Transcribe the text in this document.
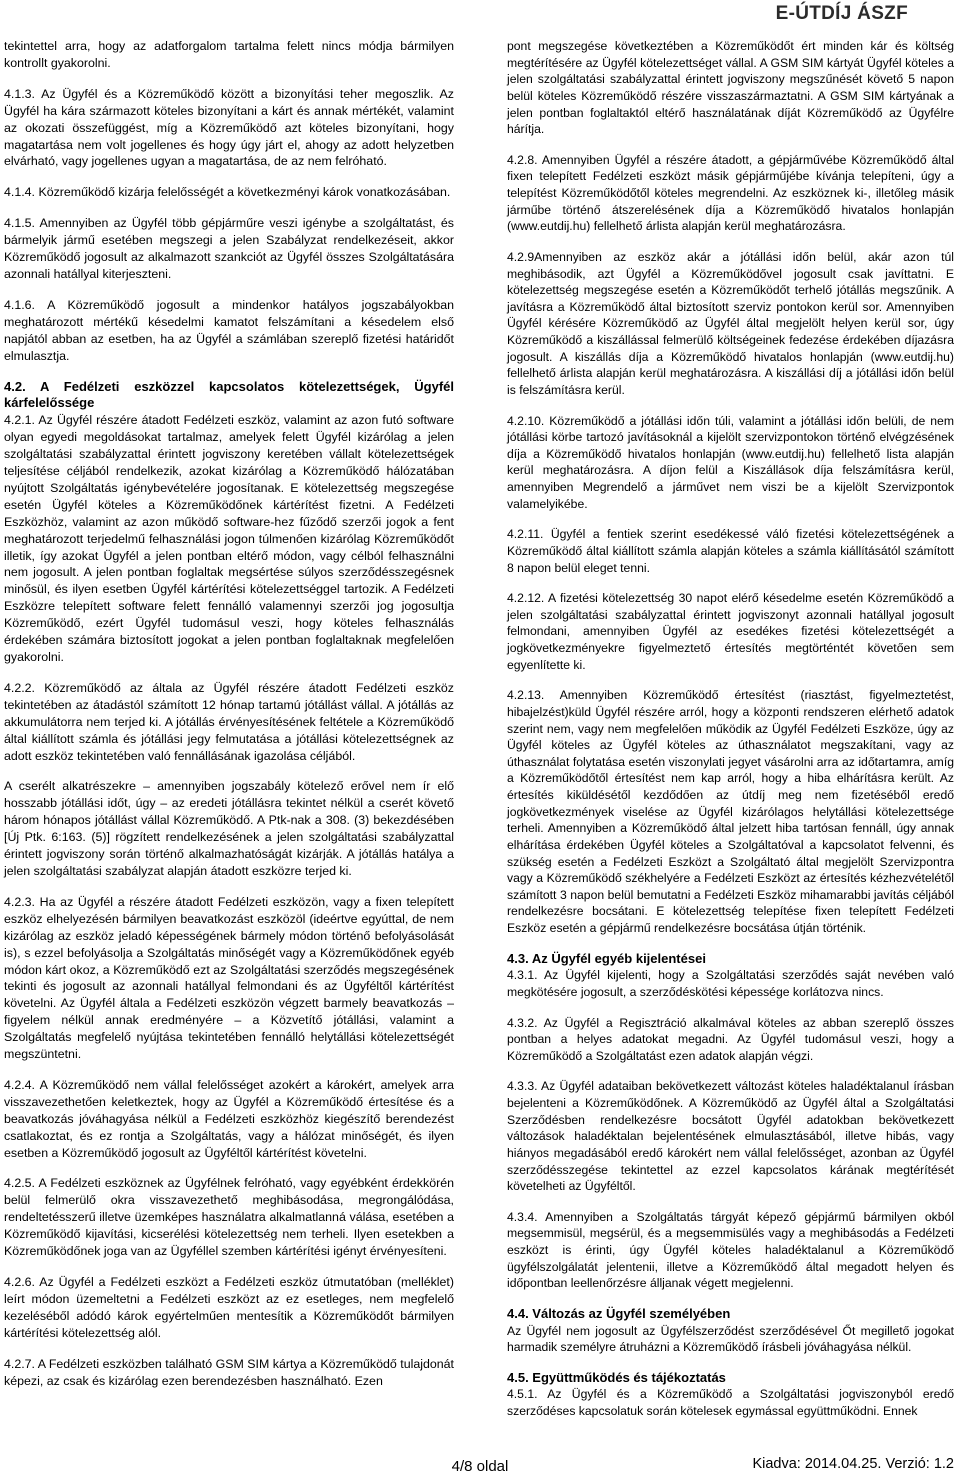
E-ÚTDÍJ ÁSZF

tekintettel arra, hogy az adatforgalom tartalma felett nincs módja bármilyen kontrollt gyakorolni.

4.1.3. Az Ügyfél és a Közreműködő között a bizonyítási teher megoszlik. Az Ügyfél ha kára származott köteles bizonyítani a kárt és annak mértékét, valamint az okozati összefüggést, míg a Közreműködő azt köteles bizonyítani, hogy magatartása nem volt jogellenes és hogy úgy járt el, ahogy az adott helyzetben elvárható, vagy jogellenes ugyan a magatartása, de az nem felróható.

4.1.4. Közreműködő kizárja felelősségét a következményi károk vonatkozásában.

4.1.5. Amennyiben az Ügyfél több gépjárműre veszi igénybe a szolgáltatást, és bármelyik jármű esetében megszegi a jelen Szabályzat rendelkezéseit, akkor Közreműködő jogosult az alkalmazott szankciót az Ügyfél összes Szolgáltatására azonnali hatállyal kiterjeszteni.

4.1.6. A Közreműködő jogosult a mindenkor hatályos jogszabályokban meghatározott mértékű késedelmi kamatot felszámítani a késedelem első napjától abban az esetben, ha az Ügyfél a számlában szereplő fizetési határidőt elmulasztja.

4.2. A Fedélzeti eszközzel kapcsolatos kötelezettségek, Ügyfél kárfelelőssége

4.2.1. Az Ügyfél részére átadott Fedélzeti eszköz, valamint az azon futó software olyan egyedi megoldásokat tartalmaz, amelyek felett Ügyfél kizárólag a jelen szolgáltatási szabályzattal érintett jogviszony keretében vállalt kötelezettségek teljesítése céljából rendelkezik, azokat kizárólag a Közreműködő hálózatában nyújtott Szolgáltatás igénybevételére jogosítanak. E kötelezettség megszegése esetén Ügyfél köteles a Közreműködőnek kártérítést fizetni. A Fedélzeti Eszközhöz, valamint az azon működő software-hez fűződő szerzői jogok a fent meghatározott terjedelmű felhasználási jogon túlmenően kizárólag Közreműködőt illetik, így azokat Ügyfél a jelen pontban eltérő módon, vagy célból felhasználni nem jogosult. A jelen pontban foglaltak megsértése súlyos szerződésszegésnek minősül, és ilyen esetben Ügyfél kártérítési kötelezettséggel tartozik. A Fedélzeti Eszközre telepített software felett fennálló valamennyi szerzői jog jogosultja Közreműködő, ezért Ügyfél tudomásul veszi, hogy köteles felhasználás érdekében számára biztosított jogokat a jelen pontban foglaltaknak megfelelően gyakorolni.

4.2.2. Közreműködő az általa az Ügyfél részére átadott Fedélzeti eszköz tekintetében az átadástól számított 12 hónap tartamú jótállást vállal. A jótállás az akkumulátorra nem terjed ki. A jótállás érvényesítésének feltétele a Közreműködő által kiállított számla és jótállási jegy felmutatása a jótállási kötelezettségnek az adott eszköz tekintetében való fennállásának igazolása céljából.

A cserélt alkatrészekre – amennyiben jogszabály kötelező erővel nem ír elő hosszabb jótállási időt, úgy – az eredeti jótállásra tekintet nélkül a cserét követő három hónapos jótállást vállal Közreműködő. A Ptk-nak a 308. (3) bekezdésében [Új Ptk. 6:163. (5)] rögzített rendelkezésének a jelen szolgáltatási szabályzattal érintett jogviszony során történő alkalmazhatóságát kizárják. A jótállás hatálya a jelen szolgáltatási szabályzat alapján átadott eszközre terjed ki.

4.2.3. Ha az Ügyfél a részére átadott Fedélzeti eszközön, vagy a fixen telepített eszköz elhelyezésén bármilyen beavatkozást eszközöl (ideértve egyúttal, de nem kizárólag az eszköz jeladó képességének bármely módon történő befolyásolását is), s ezzel befolyásolja a Szolgáltatás minőségét vagy a Közreműködőnek egyéb módon kárt okoz, a Közreműködő ezt az Szolgáltatási szerződés megszegésének tekinti és jogosult az azonnali hatállyal felmondani és az Ügyféltől kártérítést követelni. Az Ügyfél általa a Fedélzeti eszközön végzett barmely beavatkozás – figyelem nélkül annak eredményére – a Közvetítő jótállási, valamint a Szolgáltatás megfelelő nyújtása tekintetében fennálló helytállási kötelezettségét megszüntetni.

4.2.4. A Közreműködő nem vállal felelősséget azokért a károkért, amelyek arra visszavezethetően keletkeztek, hogy az Ügyfél a Közreműködő értesítése és a beavatkozás jóváhagyása nélkül a Fedélzeti eszközhöz kiegészítő berendezést csatlakoztat, és ez rontja a Szolgáltatás, vagy a hálózat minőségét, és ilyen esetben a Közreműködő jogosult az Ügyféltől kártérítést követelni.

4.2.5. A Fedélzeti eszköznek az Ügyfélnek felróható, vagy egyébként érdekkörén belül felmerülő okra visszavezethető meghibásodása, megrongálódása, rendeltetésszerű illetve üzemképes használatra alkalmatlanná válása, esetében a Közreműködő kijavítási, kicserélési kötelezettség nem terheli. Ilyen esetekben a Közreműködőnek joga van az Ügyféllel szemben kártérítési igényt érvényesíteni.

4.2.6. Az Ügyfél a Fedélzeti eszközt a Fedélzeti eszköz útmutatóban (melléklet) leírt módon üzemeltetni a Fedélzeti eszközt az ez esetleges, nem megfelelő kezeléséből adódó károk egyértelműen mentesítik a Közreműködőt bármilyen kártérítési kötelezettség alól.

4.2.7. A Fedélzeti eszközben található GSM SIM kártya a Közreműködő tulajdonát képezi, az csak és kizárólag ezen berendezésben használható. Ezen

pont megszegése következtében a Közreműködőt ért minden kár és költség megtérítésére az Ügyfél kötelezettséget vállal. A GSM SIM kártyát Ügyfél köteles a jelen szolgáltatási szabályzattal érintett jogviszony megszűnését követő 5 napon belül köteles Közreműködő részére visszaszármaztatni. A GSM SIM kártyának a jelen pontban foglaltaktól eltérő használatának díját Közreműködő az Ügyfélre hárítja.

4.2.8. Amennyiben Ügyfél a részére átadott, a gépjárművébe Közreműködő által fixen telepített Fedélzeti eszközt másik gépjárműjébe kívánja telepíteni, úgy a telepítést Közreműködőtől köteles megrendelni. Az eszköznek ki-, illetőleg másik járműbe történő átszerelésének díja a Közreműködő hivatalos honlapján (www.eutdij.hu) fellelhető árlista alapján kerül meghatározásra.

4.2.9Amennyiben az eszköz akár a jótállási időn belül, akár azon túl meghibásodik, azt Ügyfél a Közreműködővel jogosult csak javíttatni. E kötelezettség megszegése esetén a Közreműködőt terhelő jótállás megszűnik. A javításra a Közreműködő által biztosított szerviz pontokon kerül sor. Amennyiben Ügyfél kérésére Közreműködő az Ügyfél által megjelölt helyen kerül sor, úgy Közreműködő a kiszállással felmerülő költségeinek fedezése érdekében díjazásra jogosult. A kiszállás díja a Közreműködő hivatalos honlapján (www.eutdij.hu) fellelhető árlista alapján kerül meghatározásra. A kiszállási díj a jótállási időn belül is felszámításra kerül.

4.2.10. Közreműködő a jótállási időn túli, valamint a jótállási időn belüli, de nem jótállási körbe tartozó javításoknál a kijelölt szervizpontokon történő elvégzésének díja a Közreműködő hivatalos honlapján (www.eutdij.hu) fellelhető lista alapján kerül meghatározásra. A díjon felül a Kiszállások díja felszámításra kerül, amennyiben Megrendelő a járművet nem viszi be a kijelölt Szervizpontok valamelyikébe.

4.2.11. Ügyfél a fentiek szerint esedékessé váló fizetési kötelezettségének a Közreműködő által kiállított számla alapján köteles a számla kiállításától számított 8 napon belül eleget tenni.

4.2.12. A fizetési kötelezettség 30 napot elérő késedelme esetén Közreműködő a jelen szolgáltatási szabályzattal érintett jogviszonyt azonnali hatállyal jogosult felmondani, amennyiben Ügyfél az esedékes fizetési kötelezettségét a jogkövetkezményekre figyelmeztető értesítés megtörténtét követően sem egyenlítette ki.

4.2.13. Amennyiben Közreműködő értesítést (riasztást, figyelmeztetést, hibajelzést)küld Ügyfél részére arról, hogy a központi rendszeren elérhető adatok szerint nem, vagy nem megfelelően működik az Ügyfél Fedélzeti Eszköze, úgy az Ügyfél köteles az Ügyfél köteles az úthasználatot megszakítani, vagy az úthasználat folytatása esetén viszonylati jegyet vásárolni arra az időtartamra, amíg a Közreműködőtől értesítést nem kap arról, hogy a hiba elhárításra került. Az értesítés kiküldésétől kezdődően az útdíj meg nem fizetéséből eredő jogkövetkezmények viselése az Ügyfél kizárólagos helytállási kötelezettsége terheli. Amennyiben a Közreműködő által jelzett hiba tartósan fennáll, úgy annak elhárítása érdekében Ügyfél köteles a Szolgáltatóval a kapcsolatot felvenni, és szükség esetén a Fedélzeti Eszközt a Szolgáltató által megjelölt Szervizpontra vagy a Közreműködő székhelyére a Fedélzeti Eszközt az értesítés kézhezvételétől számított 3 napon belül bemutatni a Fedélzeti Eszköz mihamarabbi javítás céljából rendelkezésre bocsátani. E kötelezettség telepítése fixen telepített Fedélzeti Eszköz esetén a gépjármű rendelkezésre bocsátása útján történik.

4.3. Az Ügyfél egyéb kijelentései

4.3.1. Az Ügyfél kijelenti, hogy a Szolgáltatási szerződés saját nevében való megkötésére jogosult, a szerződéskötési képessége korlátozva nincs.

4.3.2. Az Ügyfél a Regisztráció alkalmával köteles az abban szereplő összes pontban a helyes adatokat megadni. Az Ügyfél tudomásul veszi, hogy a Közreműködő a Szolgáltatást ezen adatok alapján végzi.

4.3.3. Az Ügyfél adataiban bekövetkezett változást köteles haladéktalanul írásban bejelenteni a Közreműködőnek. A Közreműködő az Ügyfél által a Szolgáltatási Szerződésben rendelkezésre bocsátott Ügyfél adatokban bekövetkezett változások haladéktalan bejelentésének elmulasztásából, illetve hibás, vagy hiányos megadásából eredő károkért nem vállal felelősséget, azonban az Ügyfél szerződésszegése tekintettel az ezzel kapcsolatos kárának megtérítését követelheti az Ügyféltől.

4.3.4. Amennyiben a Szolgáltatás tárgyát képező gépjármű bármilyen okból megsemmisül, megsérül, és a megsemmisülés vagy a meghibásodás a Fedélzeti eszközt is érinti, úgy Ügyfél köteles haladéktalanul a Közreműködő ügyfélszolgálatát jelentenii, illetve a Közreműködő által megadott helyen és időpontban leellenőrzésre álljanak végett megjelenni.

4.4. Változás az Ügyfél személyében

Az Ügyfél nem jogosult az Ügyfélszerződést szerződésével Őt megillető jogokat harmadik személyre átruházni a Közreműködő írásbeli jóváhagyása nélkül.

4.5. Együttműködés és tájékoztatás

4.5.1. Az Ügyfél és a Közreműködő a Szolgáltatási jogviszonyból eredő szerződéses kapcsolatuk során kötelesek egymással együttműködni. Ennek

4/8 oldal	Kiadva: 2014.04.25. Verzió: 1.2
